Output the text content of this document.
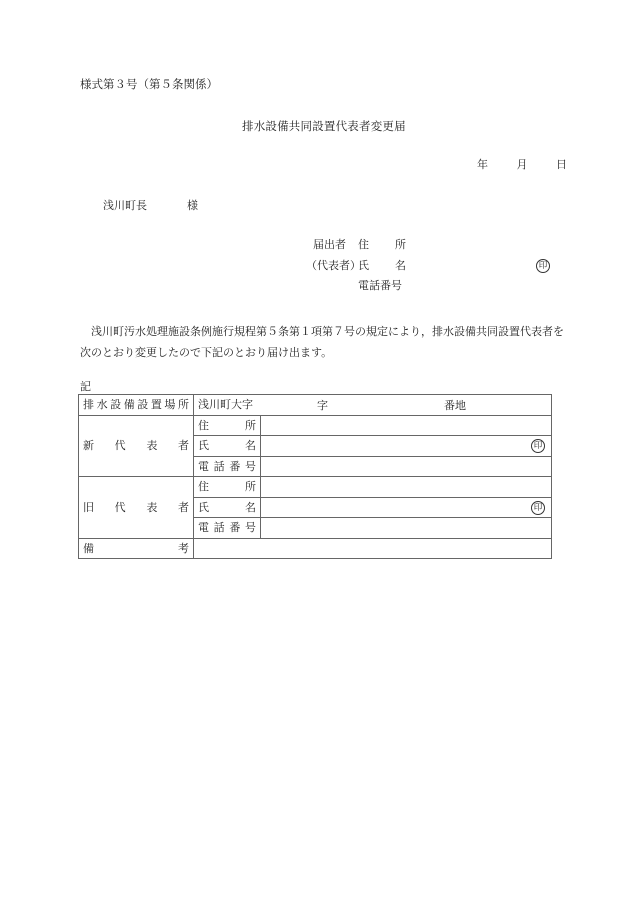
様式第３号（第５条関係）
排水設備共同設置代表者変更届
年	月	日
浅川町長	様
届出者 住 所
（代表者）
氏 名	印
電話番号
浅川町汚水処理施設条例施行規程第５条第１項第７号の規定により，排水設備共同設置代表者を次のとおり変更したので下記のとおり届け出ます。
記
排 水 設 備 設 置 場 所	浅川町大字	字	番地

新 代 表 者	住 所	

	氏 名	印

	電 話 番 号	

旧 代 表 者	住 所	

	氏 名	印

	電 話 番 号	

備 考		
